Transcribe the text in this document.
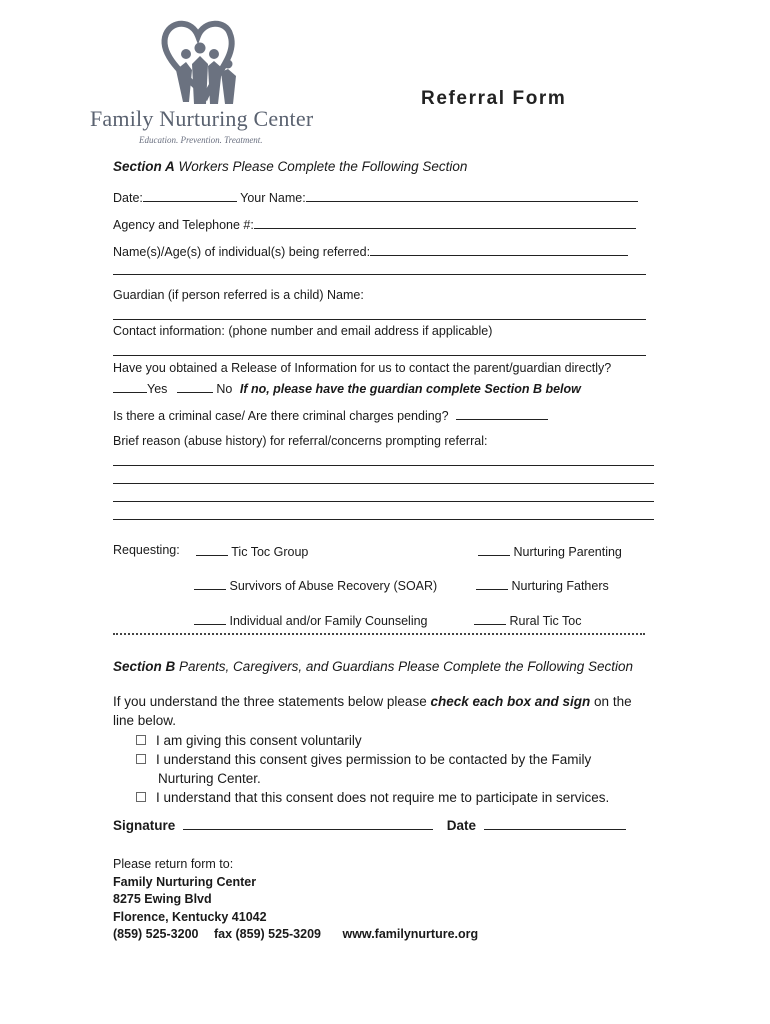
Family Nurturing Center
Education. Prevention. Treatment.
Referral Form
Section A Workers Please Complete the Following Section
Date:	Your Name:
Agency and Telephone #:
Name(s)/Age(s) of individual(s) being referred:
Guardian (if person referred is a child) Name:
Contact information: (phone number and email address if applicable)
Have you obtained a Release of Information for us to contact the parent/guardian directly?
Yes	No If no, please have the guardian complete Section B below
Is there a criminal case/ Are there criminal charges pending?
Brief reason (abuse history) for referral/concerns prompting referral:
Requesting:	Tic Toc Group	Nurturing Parenting
Survivors of Abuse Recovery (SOAR)	Nurturing Fathers
Individual and/or Family Counseling	Rural Tic Toc
Section B Parents, Caregivers, and Guardians Please Complete the Following Section
If you understand the three statements below please check each box and sign on the
line below.
I am giving this consent voluntarily
I understand this consent gives permission to be contacted by the Family
Nurturing Center.
I understand that this consent does not require me to participate in services.
Signature	Date
Please return form to:
Family Nurturing Center
8275 Ewing Blvd
Florence, Kentucky 41042
(859) 525-3200 fax (859) 525-3209 www.familynurture.org
